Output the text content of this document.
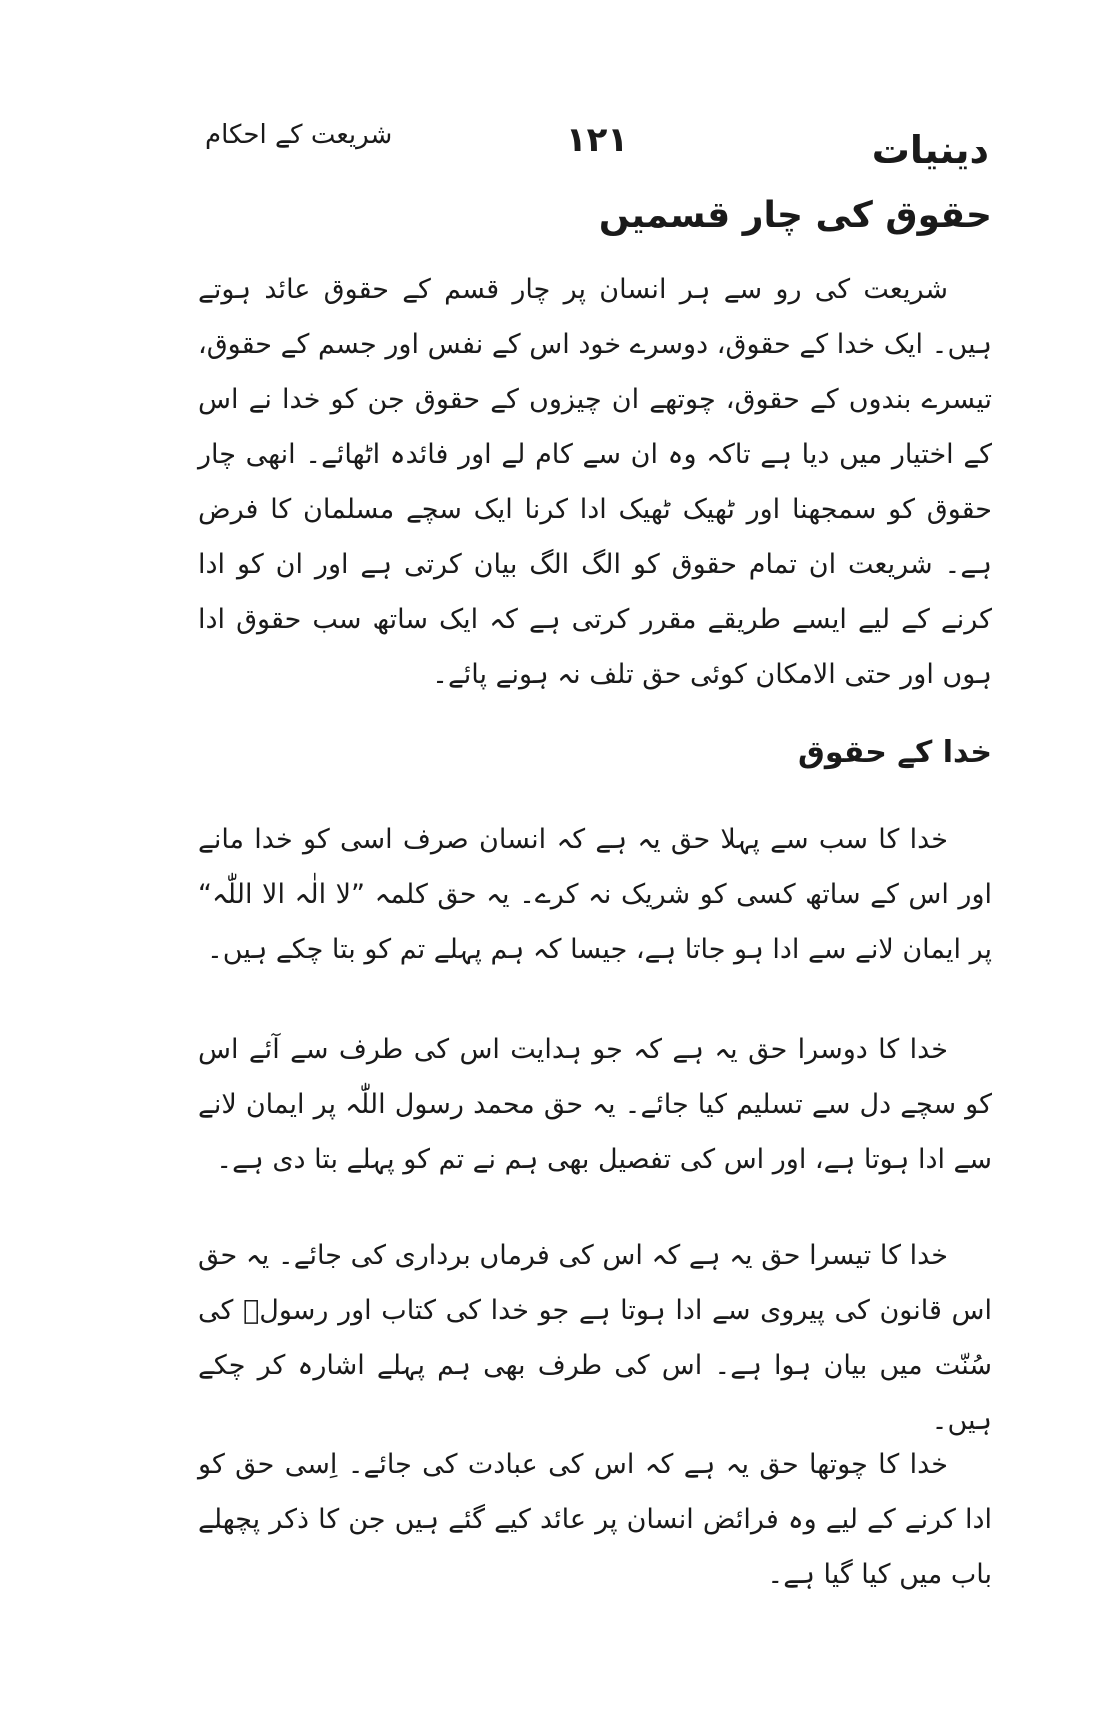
دینیات
۱۲۱
شریعت کے احکام
حقوق کی چار قسمیں

شریعت کی رو سے ہر انسان پر چار قسم کے حقوق عائد ہوتے ہیں۔ ایک خدا کے حقوق، دوسرے خود اس کے نفس اور جسم کے حقوق، تیسرے بندوں کے حقوق، چوتھے ان چیزوں کے حقوق جن کو خدا نے اس کے اختیار میں دیا ہے تاکہ وہ ان سے کام لے اور فائدہ اٹھائے۔ انھی چار حقوق کو سمجھنا اور ٹھیک ٹھیک ادا کرنا ایک سچے مسلمان کا فرض ہے۔ شریعت ان تمام حقوق کو الگ الگ بیان کرتی ہے اور ان کو ادا کرنے کے لیے ایسے طریقے مقرر کرتی ہے کہ ایک ساتھ سب حقوق ادا ہوں اور حتی الامکان کوئی حق تلف نہ ہونے پائے۔

خدا کے حقوق

خدا کا سب سے پہلا حق یہ ہے کہ انسان صرف اسی کو خدا مانے اور اس کے ساتھ کسی کو شریک نہ کرے۔ یہ حق کلمہ ”لا الٰہ الا اللّٰہ“ پر ایمان لانے سے ادا ہو جاتا ہے، جیسا کہ ہم پہلے تم کو بتا چکے ہیں۔

خدا کا دوسرا حق یہ ہے کہ جو ہدایت اس کی طرف سے آئے اس کو سچے دل سے تسلیم کیا جائے۔ یہ حق محمد رسول اللّٰہ پر ایمان لانے سے ادا ہوتا ہے، اور اس کی تفصیل بھی ہم نے تم کو پہلے بتا دی ہے۔

خدا کا تیسرا حق یہ ہے کہ اس کی فرماں برداری کی جائے۔ یہ حق اس قانون کی پیروی سے ادا ہوتا ہے جو خدا کی کتاب اور رسولؐ کی سُنّت میں بیان ہوا ہے۔ اس کی طرف بھی ہم پہلے اشارہ کر چکے ہیں۔

خدا کا چوتھا حق یہ ہے کہ اس کی عبادت کی جائے۔ اِسی حق کو ادا کرنے کے لیے وہ فرائض انسان پر عائد کیے گئے ہیں جن کا ذکر پچھلے باب میں کیا گیا ہے۔
